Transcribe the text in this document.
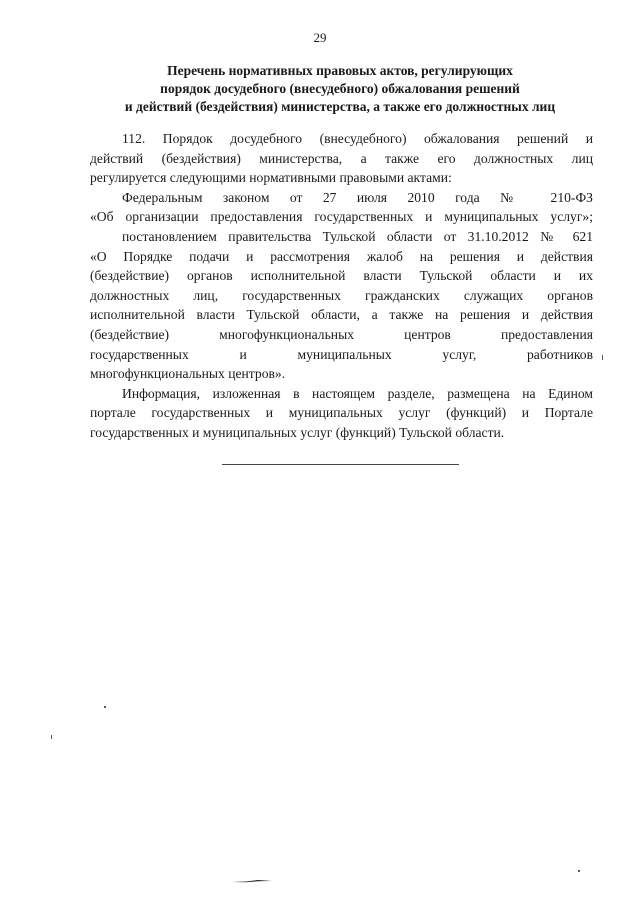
29
Перечень нормативных правовых актов, регулирующих
порядок досудебного (внесудебного) обжалования решений
и действий (бездействия) министерства, а также его должностных лиц

112. Порядок досудебного (внесудебного) обжалования решений и

действий (бездействия) министерства, а также его должностных лиц

регулируется следующими нормативными правовыми актами:

Федеральным законом от 27 июля 2010 года № 210-ФЗ

«Об организации предоставления государственных и муниципальных услуг»;

постановлением правительства Тульской области от 31.10.2012 № 621

«О Порядке подачи и рассмотрения жалоб на решения и действия

(бездействие) органов исполнительной власти Тульской области и их

должностных лиц, государственных гражданских служащих органов

исполнительной власти Тульской области, а также на решения и действия

(бездействие) многофункциональных центров предоставления

государственных и муниципальных услуг, работников

многофункциональных центров».

Информация, изложенная в настоящем разделе, размещена на Едином

портале государственных и муниципальных услуг (функций) и Портале

государственных и муниципальных услуг (функций) Тульской области.
